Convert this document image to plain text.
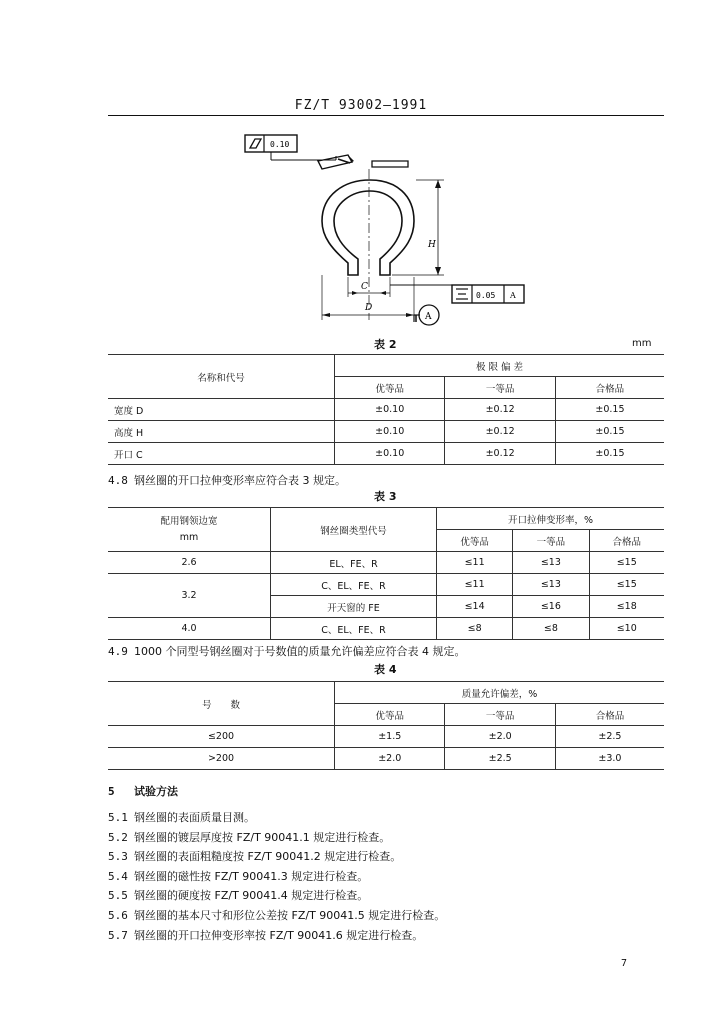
FZ/T 93002—1991
0.10
H
C
D
0.05 A
A
表 2	mm
名称和代号	极 限 偏 差		
	优等品	一等品	合格品
宽度 D	±0.10	±0.12	±0.15
高度 H	±0.10	±0.12	±0.15
开口 C	±0.10	±0.12	±0.15
4.8 钢丝圈的开口拉伸变形率应符合表 3 规定。
表 3
配用钢领边宽
mm	钢丝圈类型代号	开口拉伸变形率，%		
		优等品	一等品	合格品
2.6	EL、FE、R	≤11	≤13	≤15
3.2	C、EL、FE、R	≤11	≤13	≤15
	开天窗的 FE	≤14	≤16	≤18
4.0	C、EL、FE、R	≤8	≤8	≤10
4.9 1000 个同型号钢丝圈对于号数值的质量允许偏差应符合表 4 规定。
表 4
号　　数	质量允许偏差，%		
	优等品	一等品	合格品
≤200	±1.5	±2.0	±2.5
>200	±2.0	±2.5	±3.0
5 试验方法
5.1 钢丝圈的表面质量目测。
5.2 钢丝圈的镀层厚度按 FZ/T 90041.1 规定进行检查。
5.3 钢丝圈的表面粗糙度按 FZ/T 90041.2 规定进行检查。
5.4 钢丝圈的磁性按 FZ/T 90041.3 规定进行检查。
5.5 钢丝圈的硬度按 FZ/T 90041.4 规定进行检查。
5.6 钢丝圈的基本尺寸和形位公差按 FZ/T 90041.5 规定进行检查。
5.7 钢丝圈的开口拉伸变形率按 FZ/T 90041.6 规定进行检查。
7
